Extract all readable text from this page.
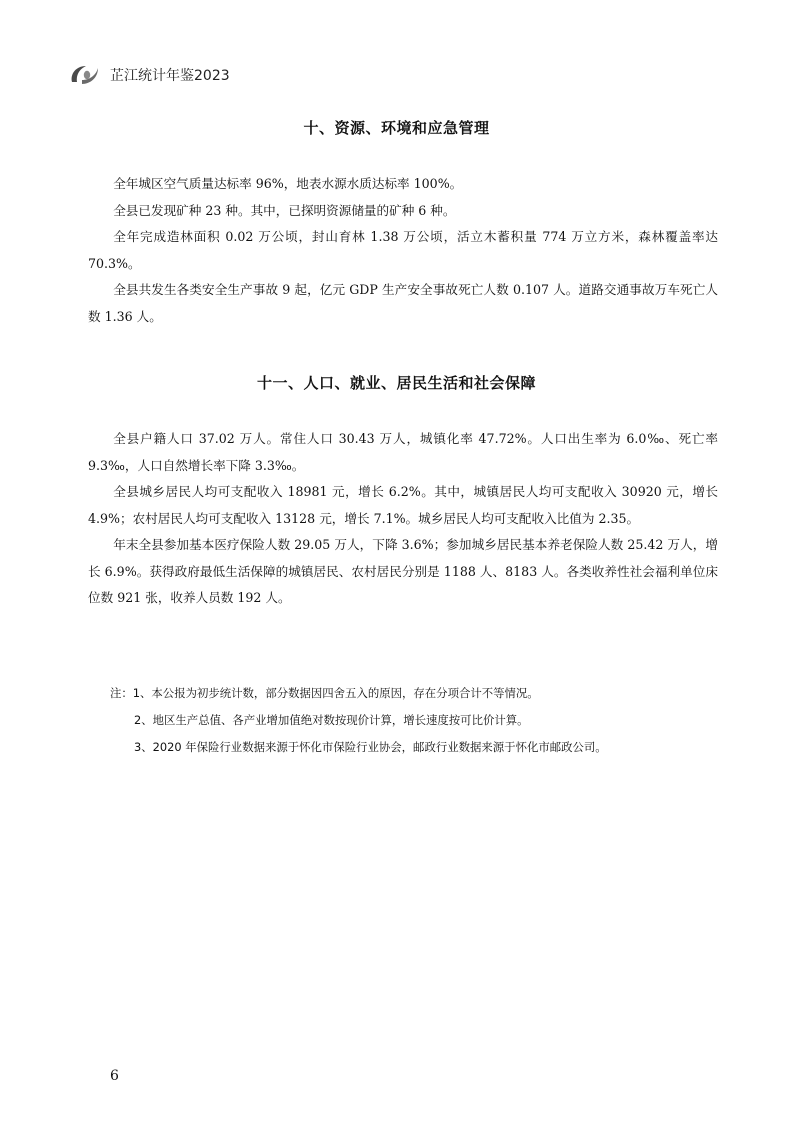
芷江统计年鉴2023
十、资源、环境和应急管理

全年城区空气质量达标率 96%，地表水源水质达标率 100%。

全县已发现矿种 23 种。其中，已探明资源储量的矿种 6 种。

全年完成造林面积 0.02 万公顷，封山育林 1.38 万公顷，活立木蓄积量 774 万立方米，森林覆盖率达 70.3%。

全县共发生各类安全生产事故 9 起，亿元 GDP 生产安全事故死亡人数 0.107 人。道路交通事故万车死亡人数 1.36 人。

十一、人口、就业、居民生活和社会保障

全县户籍人口 37.02 万人。常住人口 30.43 万人，城镇化率 47.72%。人口出生率为 6.0‰、死亡率 9.3‰，人口自然增长率下降 3.3‰。

全县城乡居民人均可支配收入 18981 元，增长 6.2%。其中，城镇居民人均可支配收入 30920 元，增长 4.9%；农村居民人均可支配收入 13128 元，增长 7.1%。城乡居民人均可支配收入比值为 2.35。

年末全县参加基本医疗保险人数 29.05 万人，下降 3.6%；参加城乡居民基本养老保险人数 25.42 万人，增长 6.9%。获得政府最低生活保障的城镇居民、农村居民分别是 1188 人、8183 人。各类收养性社会福利单位床位数 921 张，收养人员数 192 人。

注：1、本公报为初步统计数，部分数据因四舍五入的原因，存在分项合计不等情况。

2、地区生产总值、各产业增加值绝对数按现价计算，增长速度按可比价计算。

3、2020 年保险行业数据来源于怀化市保险行业协会，邮政行业数据来源于怀化市邮政公司。

6
